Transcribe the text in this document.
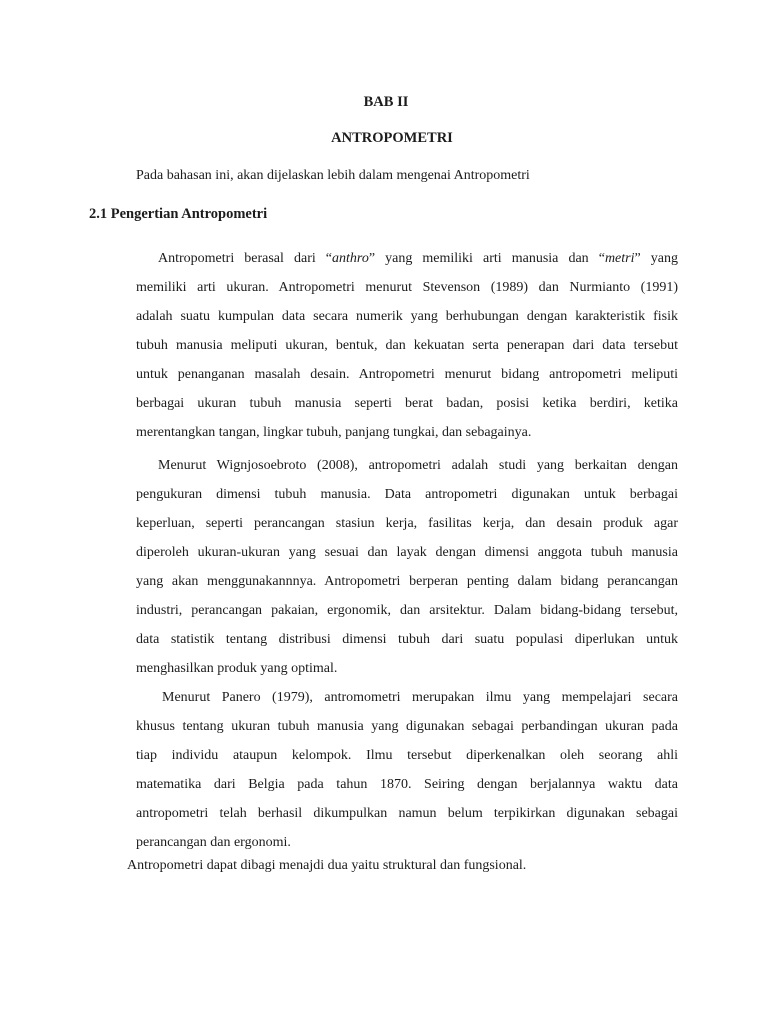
BAB II
ANTROPOMETRI

Pada bahasan ini, akan dijelaskan lebih dalam mengenai Antropometri

2.1 Pengertian Antropometri
Antropometri berasal dari “anthro” yang memiliki arti manusia dan “metri” yang
memiliki arti ukuran. Antropometri menurut Stevenson (1989) dan Nurmianto (1991)
adalah suatu kumpulan data secara numerik yang berhubungan dengan karakteristik fisik
tubuh manusia meliputi ukuran, bentuk, dan kekuatan serta penerapan dari data tersebut
untuk penanganan masalah desain. Antropometri menurut bidang antropometri meliputi
berbagai ukuran tubuh manusia seperti berat badan, posisi ketika berdiri, ketika
merentangkan tangan, lingkar tubuh, panjang tungkai, dan sebagainya.
Menurut Wignjosoebroto (2008), antropometri adalah studi yang berkaitan dengan
pengukuran dimensi tubuh manusia. Data antropometri digunakan untuk berbagai
keperluan, seperti perancangan stasiun kerja, fasilitas kerja, dan desain produk agar
diperoleh ukuran-ukuran yang sesuai dan layak dengan dimensi anggota tubuh manusia
yang akan menggunakannnya. Antropometri berperan penting dalam bidang perancangan
industri, perancangan pakaian, ergonomik, dan arsitektur. Dalam bidang-bidang tersebut,
data statistik tentang distribusi dimensi tubuh dari suatu populasi diperlukan untuk
menghasilkan produk yang optimal.
Menurut Panero (1979), antromometri merupakan ilmu yang mempelajari secara
khusus tentang ukuran tubuh manusia yang digunakan sebagai perbandingan ukuran pada
tiap individu ataupun kelompok. Ilmu tersebut diperkenalkan oleh seorang ahli
matematika dari Belgia pada tahun 1870. Seiring dengan berjalannya waktu data
antropometri telah berhasil dikumpulkan namun belum terpikirkan digunakan sebagai
perancangan dan ergonomi.

Antropometri dapat dibagi menajdi dua yaitu struktural dan fungsional.
